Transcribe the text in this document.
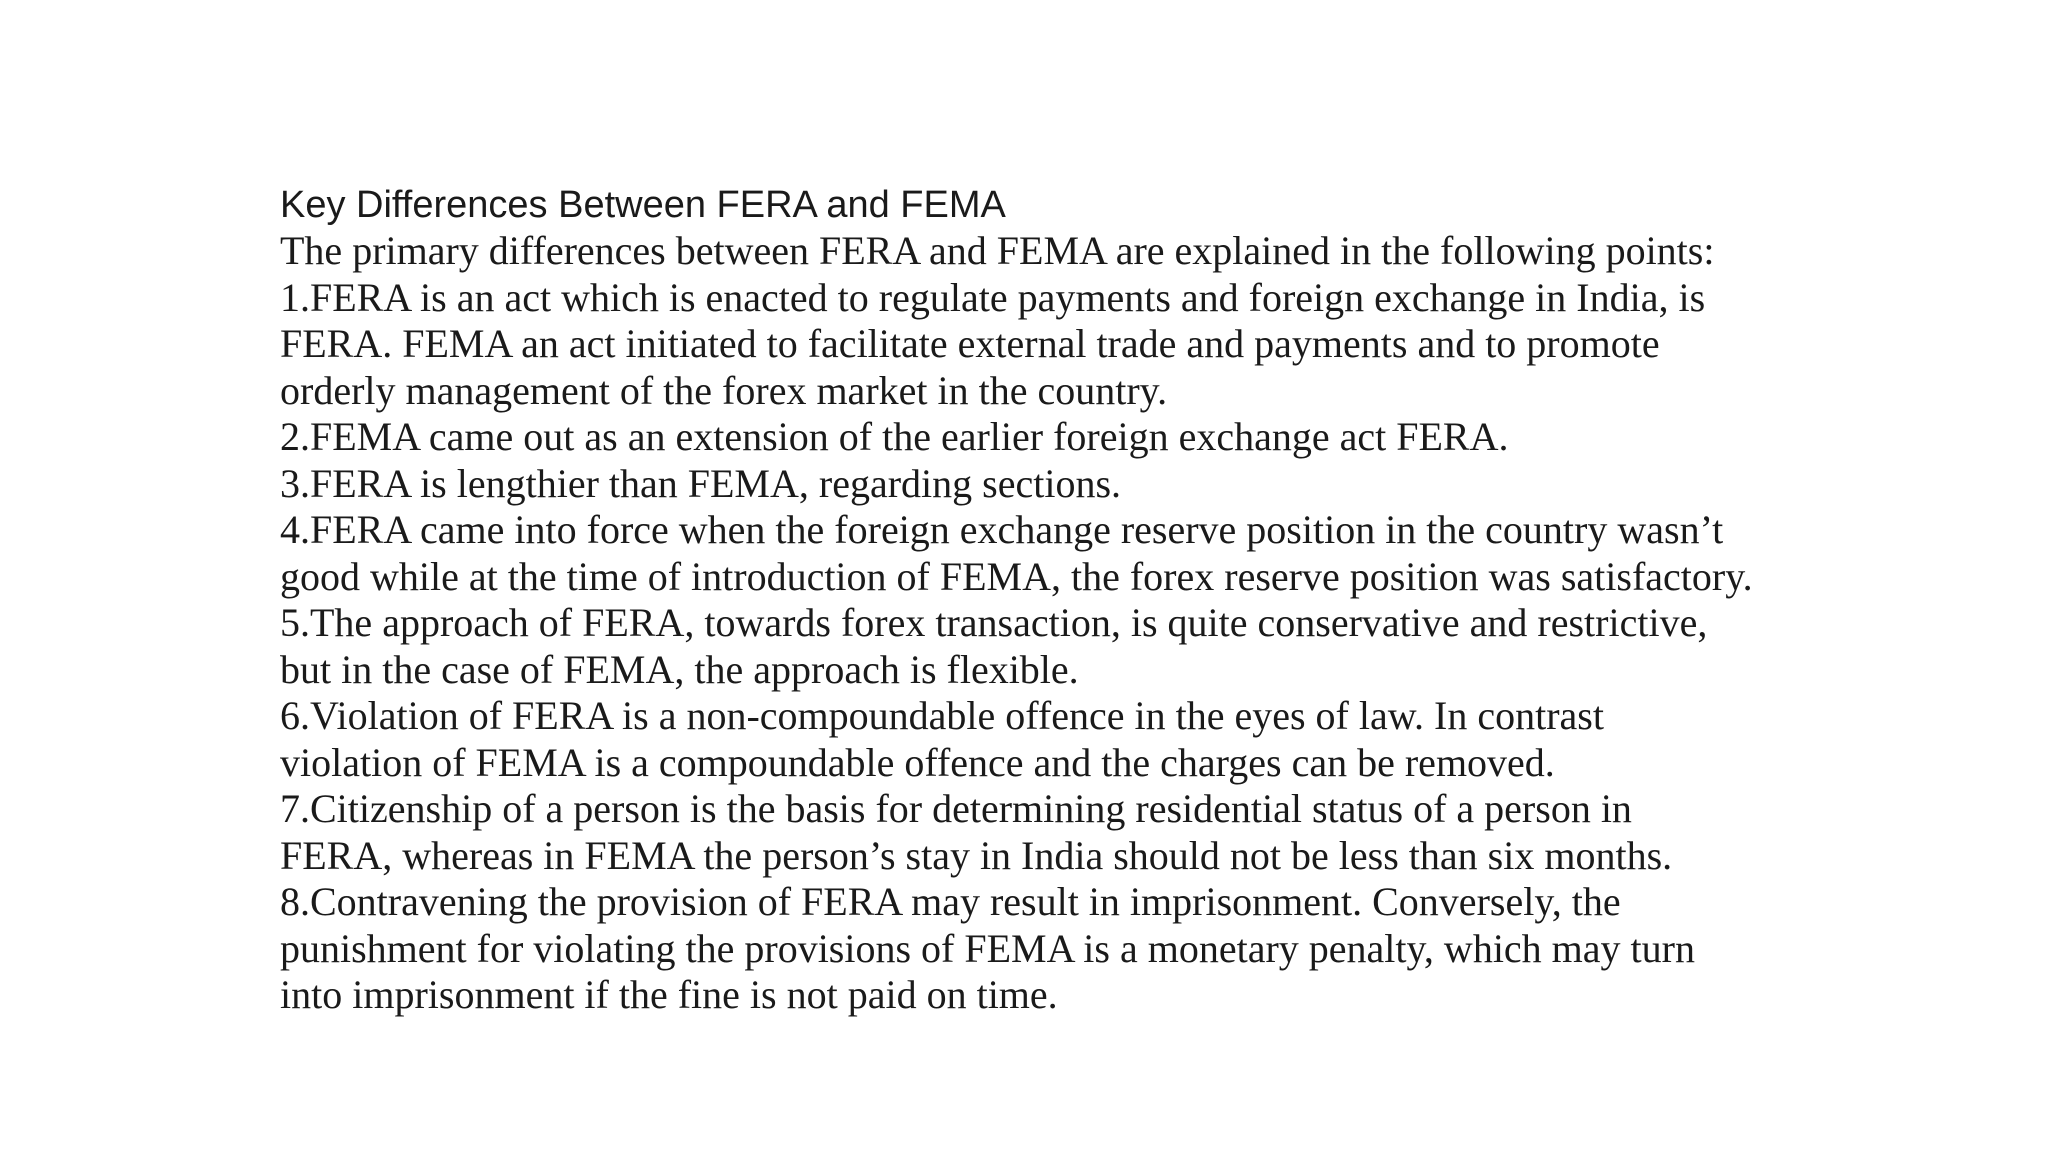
Key Differences Between FERA and FEMA

The primary differences between FERA and FEMA are explained in the following points:

1.FERA is an act which is enacted to regulate payments and foreign exchange in India, is
FERA. FEMA an act initiated to facilitate external trade and payments and to promote
orderly management of the forex market in the country.
2.FEMA came out as an extension of the earlier foreign exchange act FERA.
3.FERA is lengthier than FEMA, regarding sections.
4.FERA came into force when the foreign exchange reserve position in the country wasn’t
good while at the time of introduction of FEMA, the forex reserve position was satisfactory.
5.The approach of FERA, towards forex transaction, is quite conservative and restrictive,
but in the case of FEMA, the approach is flexible.
6.Violation of FERA is a non-compoundable offence in the eyes of law. In contrast
violation of FEMA is a compoundable offence and the charges can be removed.
7.Citizenship of a person is the basis for determining residential status of a person in
FERA, whereas in FEMA the person’s stay in India should not be less than six months.
8.Contravening the provision of FERA may result in imprisonment. Conversely, the
punishment for violating the provisions of FEMA is a monetary penalty, which may turn
into imprisonment if the fine is not paid on time.
